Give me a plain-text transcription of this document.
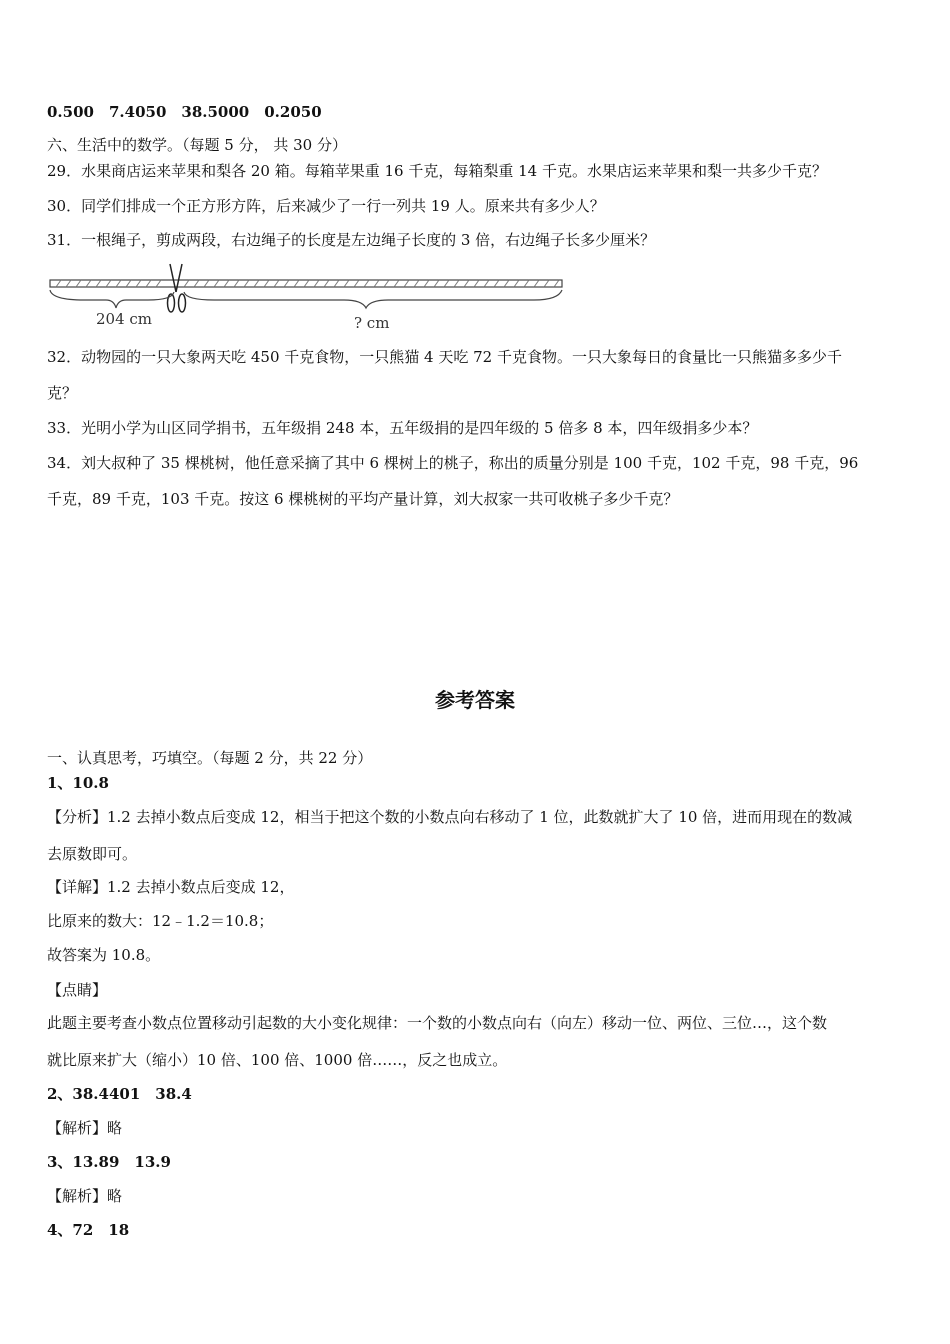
0.500　7.4050　38.5000　0.2050
六、生活中的数学。（每题 5 分， 共 30 分）
29．水果商店运来苹果和梨各 20 箱。每箱苹果重 16 千克，每箱梨重 14 千克。水果店运来苹果和梨一共多少千克？
30．同学们排成一个正方形方阵，后来减少了一行一列共 19 人。原来共有多少人？
31．一根绳子，剪成两段，右边绳子的长度是左边绳子长度的 3 倍，右边绳子长多少厘米？
204 cm	? cm
32．动物园的一只大象两天吃 450 千克食物，一只熊猫 4 天吃 72 千克食物。一只大象每日的食量比一只熊猫多多少千
克？
33．光明小学为山区同学捐书，五年级捐 248 本，五年级捐的是四年级的 5 倍多 8 本，四年级捐多少本？
34．刘大叔种了 35 棵桃树，他任意采摘了其中 6 棵树上的桃子，称出的质量分别是 100 千克，102 千克，98 千克，96
千克，89 千克，103 千克。按这 6 棵桃树的平均产量计算，刘大叔家一共可收桃子多少千克？
参考答案
一、认真思考，巧填空。（每题 2 分，共 22 分）
1、10.8
【分析】1.2 去掉小数点后变成 12，相当于把这个数的小数点向右移动了 1 位，此数就扩大了 10 倍，进而用现在的数减
去原数即可。
【详解】1.2 去掉小数点后变成 12，
比原来的数大：12﹣1.2＝10.8；
故答案为 10.8。
【点睛】
此题主要考查小数点位置移动引起数的大小变化规律：一个数的小数点向右（向左）移动一位、两位、三位…，这个数
就比原来扩大（缩小）10 倍、100 倍、1000 倍……，反之也成立。
2、38.4401　38.4
【解析】略
3、13.89　13.9
【解析】略
4、72　18
